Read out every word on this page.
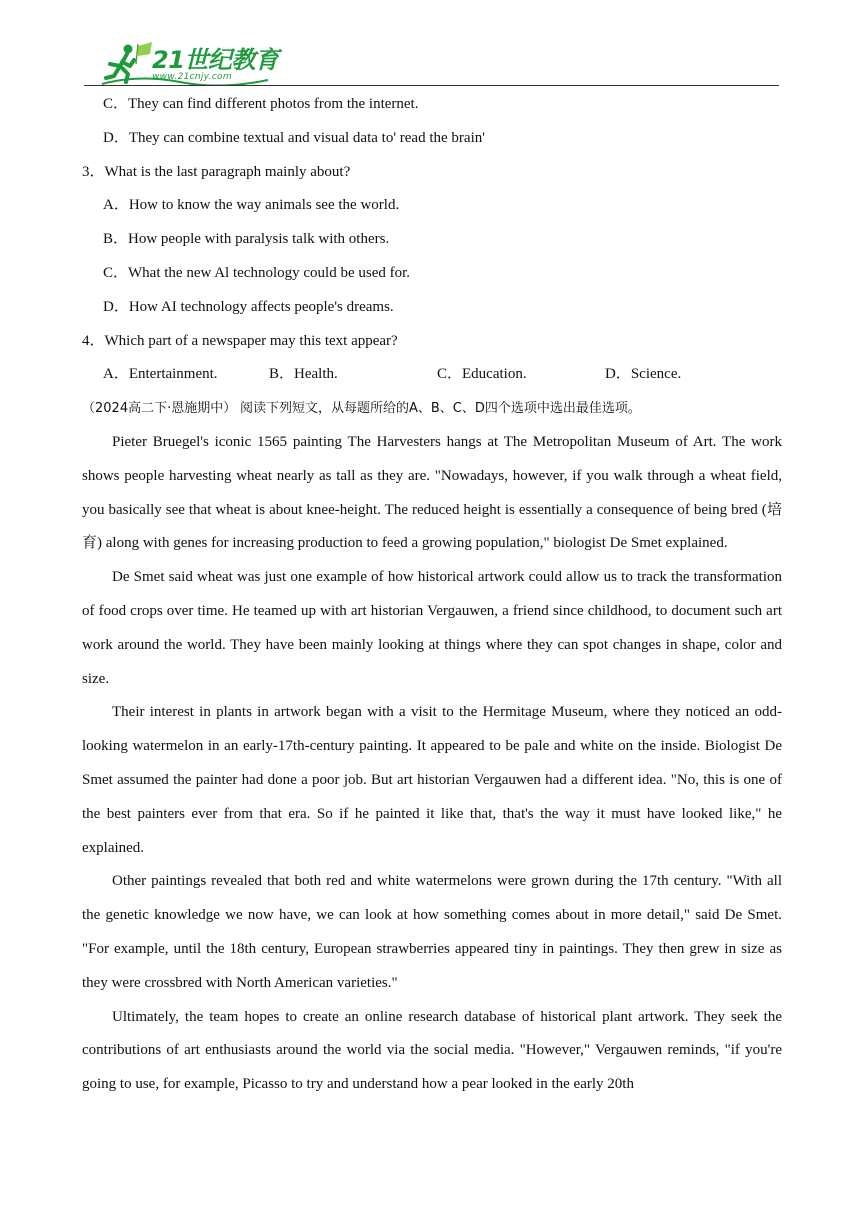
21世纪教育
www.21cnjy.com
C．They can find different photos from the internet.
D．They can combine textual and visual data to' read the brain'
3．What is the last paragraph mainly about?
A．How to know the way animals see the world.
B．How people with paralysis talk with others.
C．What the new Al technology could be used for.
D．How AI technology affects people's dreams.
4．Which part of a newspaper may this text appear?
A．Entertainment.	B．Health.	C．Education.	D．Science.
（2024高二下·恩施期中） 阅读下列短文，从每题所给的A、B、C、D四个选项中选出最佳选项。
Pieter Bruegel's iconic 1565 painting The Harvesters hangs at The Metropolitan Museum of Art. The work shows people harvesting wheat nearly as tall as they are. "Nowadays, however, if you walk through a wheat field, you basically see that wheat is about knee-height. The reduced height is essentially a consequence of being bred (培育) along with genes for increasing production to feed a growing population," biologist De Smet explained.
De Smet said wheat was just one example of how historical artwork could allow us to track the transformation of food crops over time. He teamed up with art historian Vergauwen, a friend since childhood, to document such art work around the world. They have been mainly looking at things where they can spot changes in shape, color and size.
Their interest in plants in artwork began with a visit to the Hermitage Museum, where they noticed an odd-looking watermelon in an early-17th-century painting. It appeared to be pale and white on the inside. Biologist De Smet assumed the painter had done a poor job. But art historian Vergauwen had a different idea. "No, this is one of the best painters ever from that era. So if he painted it like that, that's the way it must have looked like," he explained.
Other paintings revealed that both red and white watermelons were grown during the 17th century. "With all the genetic knowledge we now have, we can look at how something comes about in more detail," said De Smet. "For example, until the 18th century, European strawberries appeared tiny in paintings. They then grew in size as they were crossbred with North American varieties."
Ultimately, the team hopes to create an online research database of historical plant artwork. They seek the contributions of art enthusiasts around the world via the social media. "However," Vergauwen reminds, "if you're going to use, for example, Picasso to try and understand how a pear looked in the early 20th
